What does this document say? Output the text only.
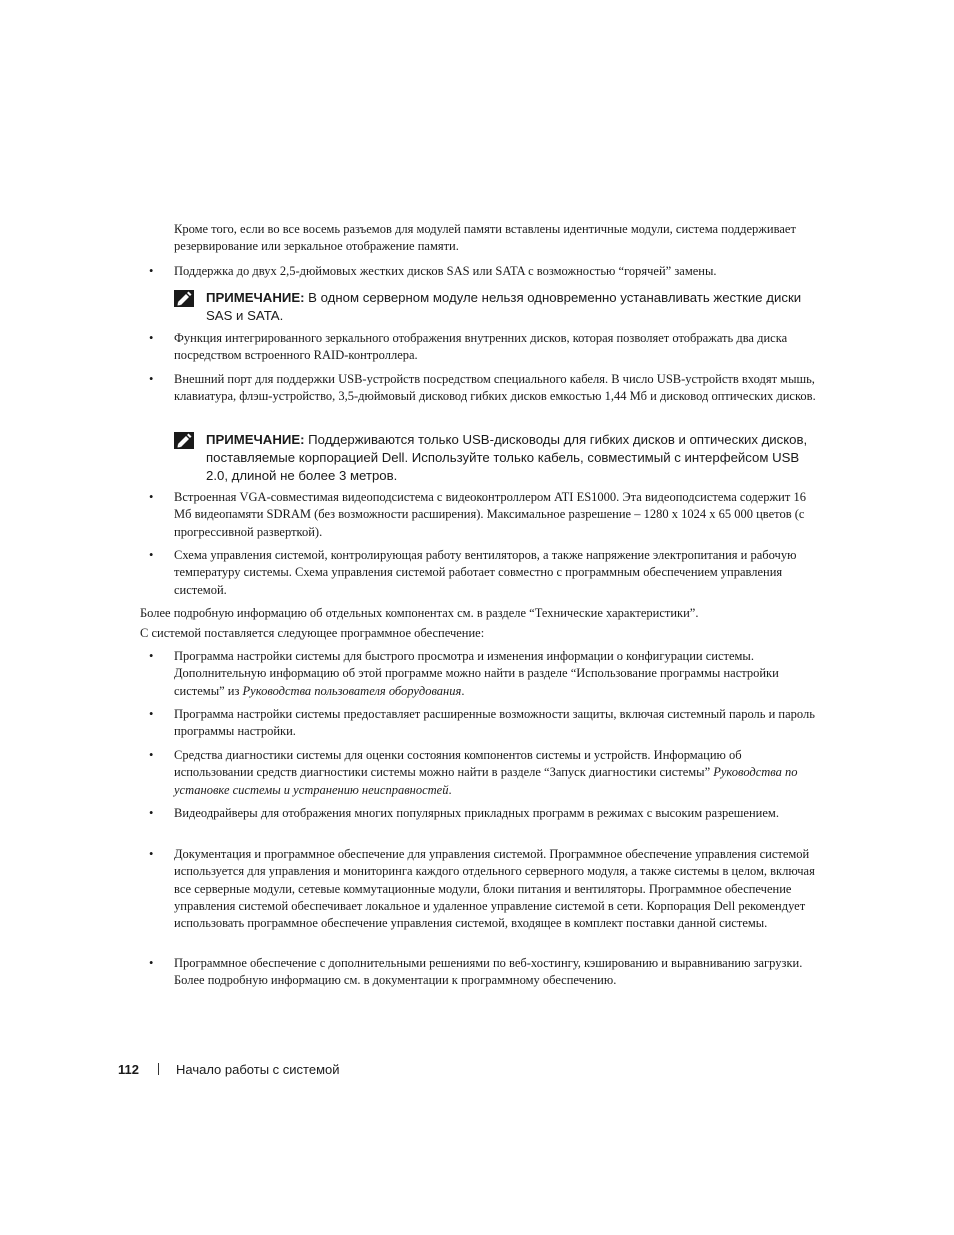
Кроме того, если во все восемь разъемов для модулей памяти вставлены идентичные модули, система поддерживает резервирование или зеркальное отображение памяти.
•	Поддержка до двух 2,5-дюймовых жестких дисков SAS или SATA с возможностью “горячей” замены.
ПРИМЕЧАНИЕ: В одном серверном модуле нельзя одновременно устанавливать жесткие диски SAS и SATA.
•	Функция интегрированного зеркального отображения внутренних дисков, которая позволяет отображать два диска посредством встроенного RAID-контроллера.
•	Внешний порт для поддержки USB-устройств посредством специального кабеля. В число USB-устройств входят мышь, клавиатура, флэш-устройство, 3,5-дюймовый дисковод гибких дисков емкостью 1,44 Мб и дисковод оптических дисков.
ПРИМЕЧАНИЕ: Поддерживаются только USB-дисководы для гибких дисков и оптических дисков, поставляемые корпорацией Dell. Используйте только кабель, совместимый с интерфейсом USB 2.0, длиной не более 3 метров.
•	Встроенная VGA-совместимая видеоподсистема с видеоконтроллером ATI ES1000. Эта видеоподсистема содержит 16 Мб видеопамяти SDRAM (без возможности расширения). Максимальное разрешение – 1280 x 1024 x 65 000 цветов (с прогрессивной разверткой).
•	Схема управления системой, контролирующая работу вентиляторов, а также напряжение электропитания и рабочую температуру системы. Схема управления системой работает совместно с программным обеспечением управления системой.
Более подробную информацию об отдельных компонентах см. в разделе “Технические характеристики”.
С системой поставляется следующее программное обеспечение:
•	Программа настройки системы для быстрого просмотра и изменения информации о конфигурации системы. Дополнительную информацию об этой программе можно найти в разделе “Использование программы настройки системы” из Руководства пользователя оборудования.
•	Программа настройки системы предоставляет расширенные возможности защиты, включая системный пароль и пароль программы настройки.
•	Средства диагностики системы для оценки состояния компонентов системы и устройств. Информацию об использовании средств диагностики системы можно найти в разделе “Запуск диагностики системы” Руководства по установке системы и устранению неисправностей.
•	Видеодрайверы для отображения многих популярных прикладных программ в режимах с высоким разрешением.
•	Документация и программное обеспечение для управления системой. Программное обеспечение управления системой используется для управления и мониторинга каждого отдельного серверного модуля, а также системы в целом, включая все серверные модули, сетевые коммутационные модули, блоки питания и вентиляторы. Программное обеспечение управления системой обеспечивает локальное и удаленное управление системой в сети. Корпорация Dell рекомендует использовать программное обеспечение управления системой, входящее в комплект поставки данной системы.
•	Программное обеспечение с дополнительными решениями по веб-хостингу, кэшированию и выравниванию загрузки. Более подробную информацию см. в документации к программному обеспечению.
112	Начало работы с системой
